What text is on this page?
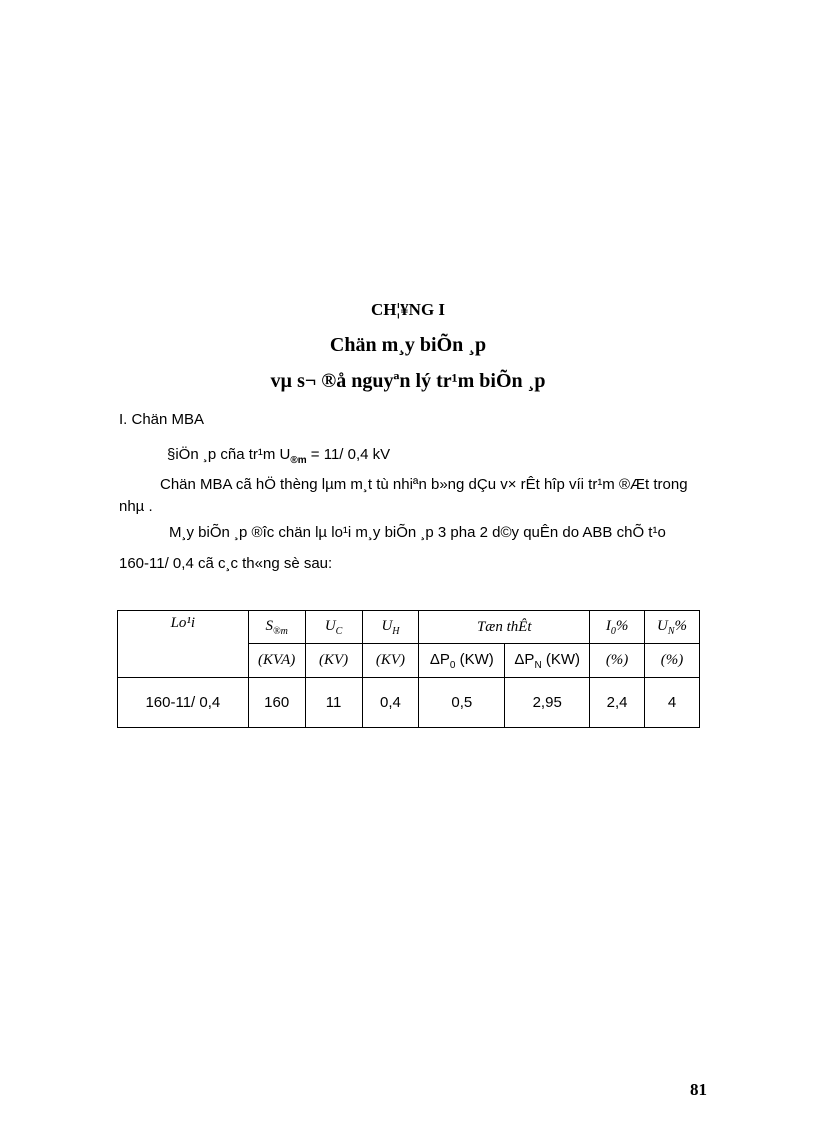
CH¦¥NG I
Chän m¸y biÕn ¸p
vµ s¬ ®å nguyªn lý tr¹m biÕn ¸p
I. Chän MBA
§iÖn ¸p cña tr¹m $U_{®m} = 11/$ 0,4 kV
Chän MBA cã hÖ thèng lµm m¸t tù nhiªn b»ng dÇu v× rÊt hîp víi tr¹m ®Æt trong nhµ .
M¸y biÕn ¸p ®îc chän lµ lo¹i m¸y biÕn ¸p 3 pha 2 d©y quÊn do ABB chÕ t¹o 160-11/ 0,4 cã c¸c th«ng sè sau:
Lo¹i	$S_{®m}$	$U_C$	$U_H$	Tæn thÊt		$I_0\%$	$U_N\%$
	(KVA)	(KV)	(KV)	$\Delta P_0$ (KW)	$\Delta P_N$ (KW)	(%)	(%)
160-11/ 0,4	160	11	0,4	0,5	2,95	2,4	4
81
